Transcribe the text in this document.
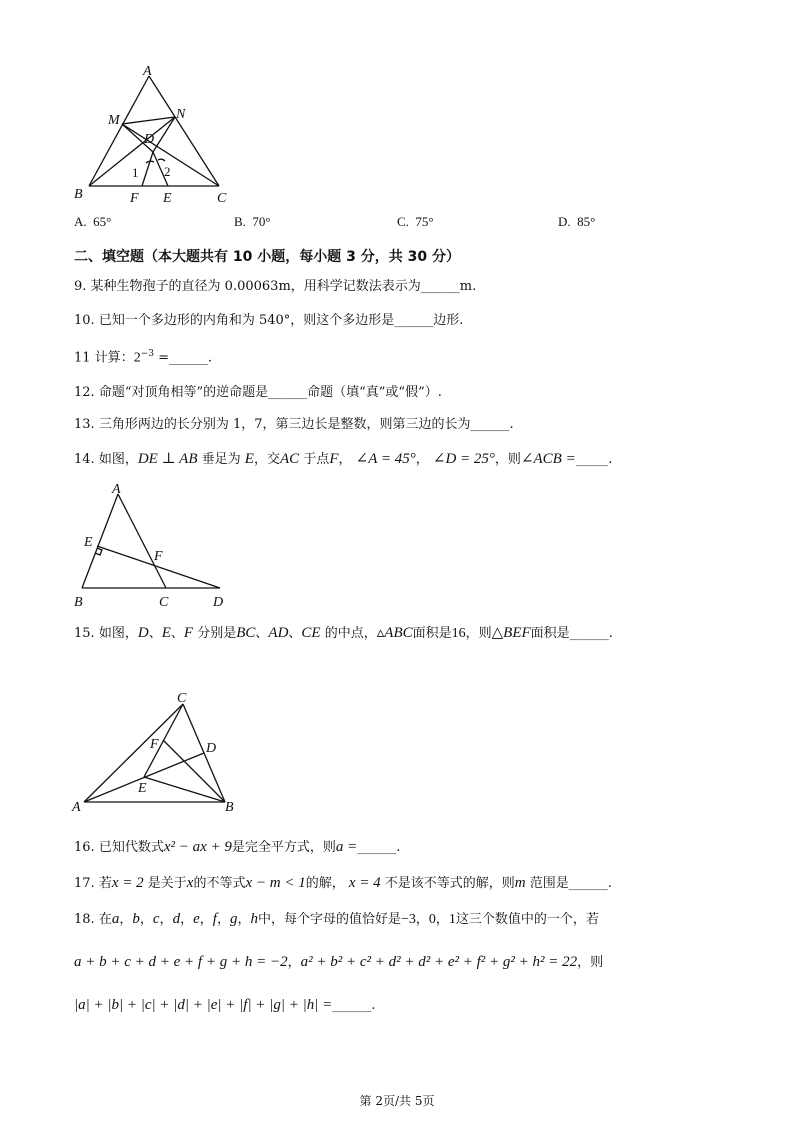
A
M	N
D
1 2
B	F E	C
A. 65°	B. 70°	C. 75°	D. 85°
二、填空题（本大题共有 10 小题，每小题 3 分，共 30 分）
9. 某种生物孢子的直径为 0.00063m，用科学记数法表示为______m.
10. 已知一个多边形的内角和为 540°，则这个多边形是______边形.
11 计算：$2^{-3}$ =______.
12. 命题“对顶角相等”的逆命题是______命题（填“真”或“假”）.
13. 三角形两边的长分别为 1，7，第三边长是整数，则第三边的长为______.
14. 如图，DE ⊥ AB 垂足为 E，交AC 于点F， ∠A = 45°， ∠D = 25°，则∠ACB =_____.
A
E
F
B	C	D
15. 如图，D、E、F 分别是BC、AD、CE 的中点，▵ABC面积是16，则△BEF面积是______.
C
F	D
E
A	B
16. 已知代数式x² − ax + 9是完全平方式，则a =______.
17. 若x = 2 是关于x的不等式x − m < 1的解， x = 4 不是该不等式的解，则m 范围是______.
18. 在a，b，c，d，e，f，g，h中，每个字母的值恰好是−3，0，1这三个数值中的一个，若
a + b + c + d + e + f + g + h = −2，a² + b² + c² + d² + d² + e² + f² + g² + h² = 22，则
|a| + |b| + |c| + |d| + |e| + |f| + |g| + |h| =______.
第 2页/共 5页
